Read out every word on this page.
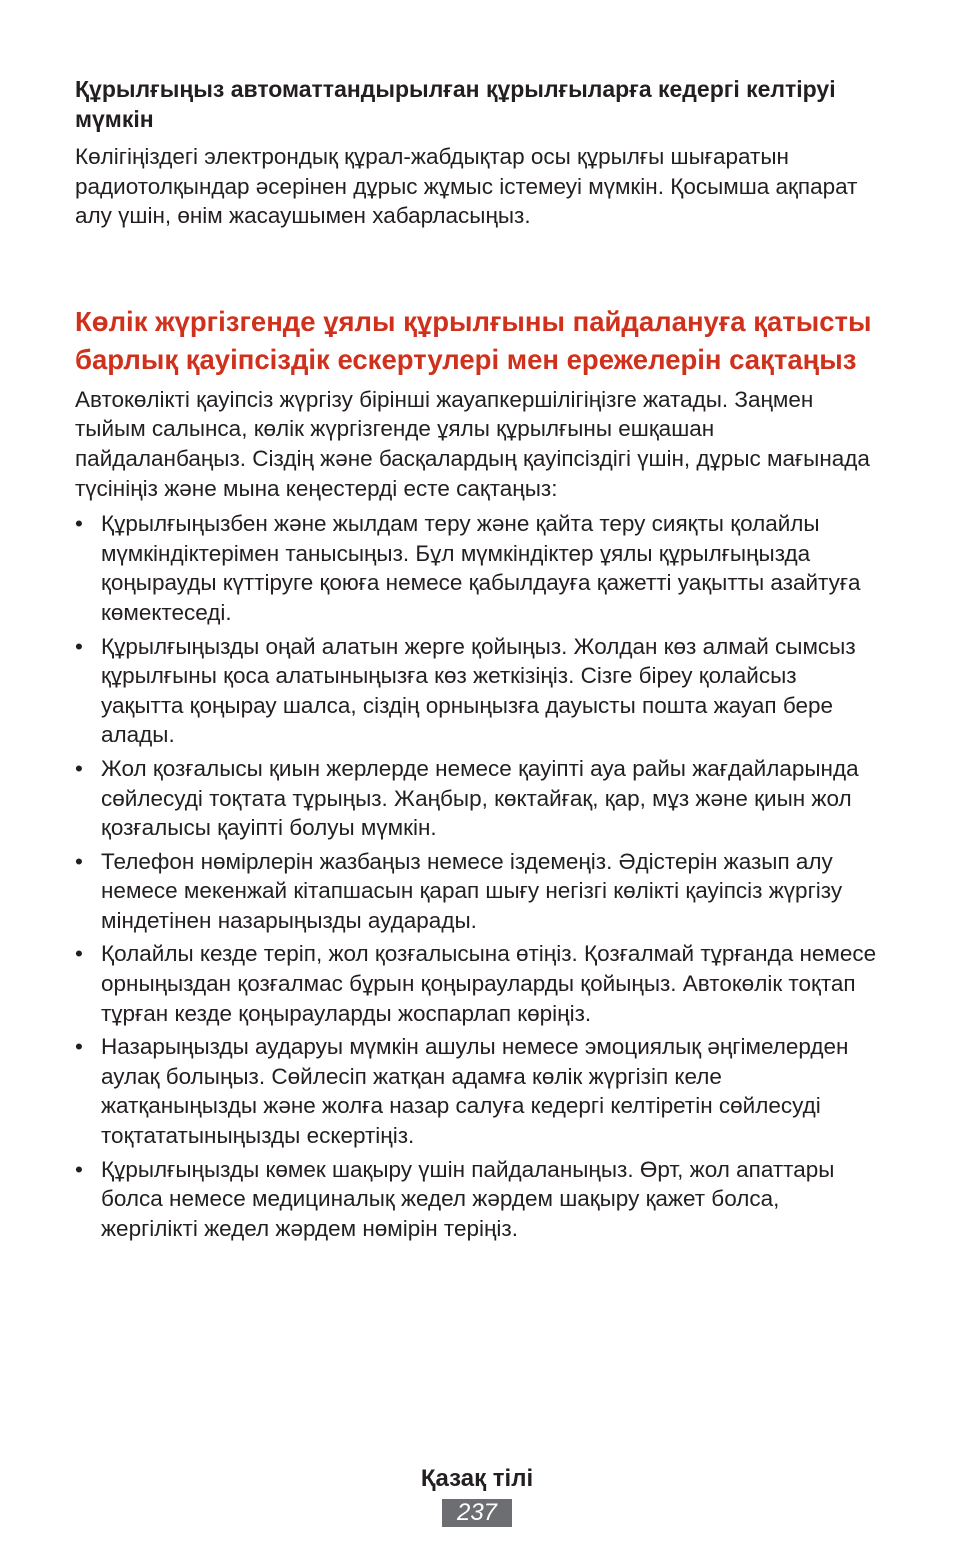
Құрылғыңыз автоматтандырылған құрылғыларға кедергі келтіруі мүмкін

Көлігіңіздегі электрондық құрал-жабдықтар осы құрылғы шығаратын радиотолқындар әсерінен дұрыс жұмыс істемеуі мүмкін. Қосымша ақпарат алу үшін, өнім жасаушымен хабарласыңыз.

Көлік жүргізгенде ұялы құрылғыны пайдалануға қатысты барлық қауіпсіздік ескертулері мен ережелерін сақтаңыз

Автокөлікті қауіпсіз жүргізу бірінші жауапкершілігіңізге жатады. Заңмен тыйым салынса, көлік жүргізгенде ұялы құрылғыны ешқашан пайдаланбаңыз. Сіздің және басқалардың қауіпсіздігі үшін, дұрыс мағынада түсініңіз және мына кеңестерді есте сақтаңыз:

• Құрылғыңызбен және жылдам теру және қайта теру сияқты қолайлы мүмкіндіктерімен танысыңыз. Бұл мүмкіндіктер ұялы құрылғыңызда қоңырауды күттіруге қоюға немесе қабылдауға қажетті уақытты азайтуға көмектеседі.
• Құрылғыңызды оңай алатын жерге қойыңыз. Жолдан көз алмай сымсыз құрылғыны қоса алатыныңызға көз жеткізіңіз. Сізге біреу қолайсыз уақытта қоңырау шалса, сіздің орныңызға дауысты пошта жауап бере алады.
• Жол қозғалысы қиын жерлерде немесе қауіпті ауа райы жағдайларында сөйлесуді тоқтата тұрыңыз. Жаңбыр, көктайғақ, қар, мұз және қиын жол қозғалысы қауіпті болуы мүмкін.
• Телефон нөмірлерін жазбаңыз немесе іздемеңіз. Әдістерін жазып алу немесе мекенжай кітапшасын қарап шығу негізгі көлікті қауіпсіз жүргізу міндетінен назарыңызды аударады.
• Қолайлы кезде теріп, жол қозғалысына өтіңіз. Қозғалмай тұрғанда немесе орныңыздан қозғалмас бұрын қоңырауларды қойыңыз. Автокөлік тоқтап тұрған кезде қоңырауларды жоспарлап көріңіз.
• Назарыңызды аударуы мүмкін ашулы немесе эмоциялық әңгімелерден аулақ болыңыз. Сөйлесіп жатқан адамға көлік жүргізіп келе жатқаныңызды және жолға назар салуға кедергі келтіретін сөйлесуді тоқтататыныңызды ескертіңіз.
• Құрылғыңызды көмек шақыру үшін пайдаланыңыз. Өрт, жол апаттары болса немесе медициналық жедел жәрдем шақыру қажет болса, жергілікті жедел жәрдем нөмірін теріңіз.

Қазақ тілі

237
